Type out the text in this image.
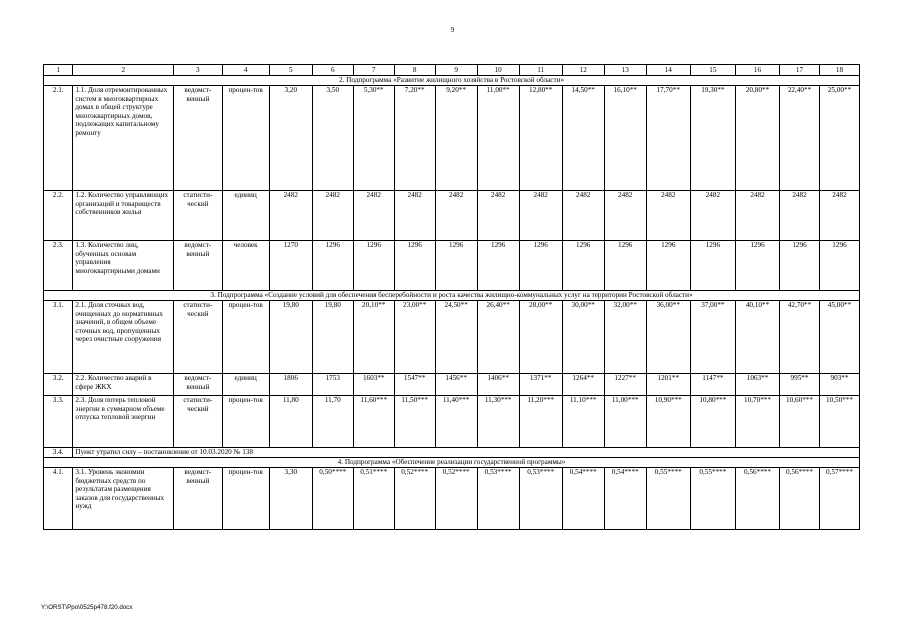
9
1	2	3	4	5	6	7	8	9	10	11	12	13	14	15	16	17	18
2. Подпрограмма «Развитие жилищного хозяйства в Ростовской области»																	
2.1.	1.1. Доля отремонтированных систем в многоквартирных домах в общей структуре многоквартирных домов, подлежащих капитальному ремонту	ведомст-венный	процен-тов	3,20	3,50	5,30**	7,20**	9,20**	11,00**	12,80**	14,50**	16,10**	17,70**	19,30**	20,80**	22,40**	25,00**
2.2.	1.2. Количество управляющих организаций и товариществ собственников жилья	статисти-ческий	единиц	2482	2482	2482	2482	2482	2482	2482	2482	2482	2482	2482	2482	2482	2482
2.3.	1.3. Количество лиц, обученных основам управления многоквартирными домами	ведомст-венный	человек	1270	1296	1296	1296	1296	1296	1296	1296	1296	1296	1296	1296	1296	1296
3. Подпрограмма «Создание условий для обеспечения бесперебойности и роста качества жилищно-коммунальных услуг на территории Ростовской области»																	
3.1.	2.1. Доля сточных вод, очищенных до нормативных значений, в общем объеме сточных вод, пропущенных через очистные сооружения	статисти-ческий	процен-тов	19,80	19,80	20,10**	23,00**	24,50**	26,40**	28,00**	30,00**	32,00**	36,00**	37,00**	40,10**	42,70**	45,00**
3.2.	2.2. Количество аварий в сфере ЖКХ	ведомст-венный	единиц	1806	1753	1603**	1547**	1456**	1406**	1371**	1264**	1227**	1201**	1147**	1063**	995**	903**
3.3.	2.3. Доля потерь тепловой энергии в суммарном объеме отпуска тепловой энергии	статисти-ческий	процен-тов	11,80	11,70	11,60***	11,50***	11,40***	11,30***	11,20***	11,10***	11,00***	10,90***	10,80***	10,70***	10,60***	10,50***
3.4.	Пункт утратил силу – постановление от 10.03.2020 № 138																
4. Подпрограмма «Обеспечение реализации государственной программы»																	
4.1.	3.1. Уровень экономии бюджетных средств по результатам размещения заказов для государственных нужд	ведомст-венный	процен-тов	3,30	0,50****	0,51****	0,52****	0,52****	0,53****	0,53****	0,54****	0,54****	0,55****	0,55****	0,56****	0,56****	0,57****
Y:\ORST\Ppo\0525p478.f20.docx
